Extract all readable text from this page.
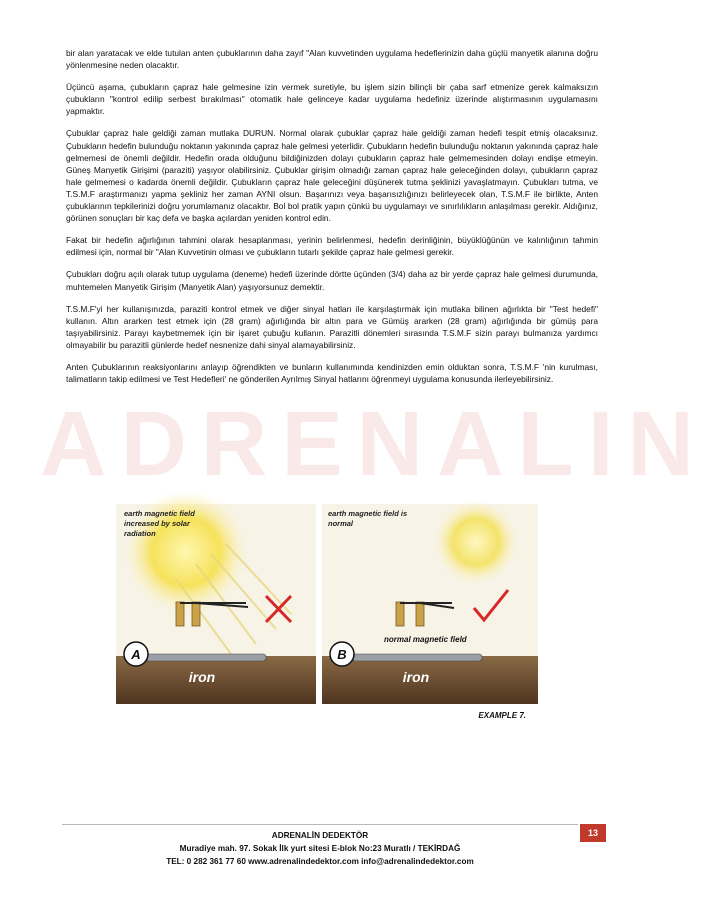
ADRENALIN

bir alan yaratacak ve elde tutulan anten çubuklarının daha zayıf "Alan kuvvetinden uygulama hedeflerinizin daha güçlü manyetik alanına doğru yönlenmesine neden olacaktır.

Üçüncü aşama, çubukların çapraz hale gelmesine izin vermek suretiyle, bu işlem sizin bilinçli bir çaba sarf etmenize gerek kalmaksızın çubukların "kontrol edilip serbest bırakılması" otomatik hale gelinceye kadar uygulama hedefiniz üzerinde alıştırmasının uygulamasını yapmaktır.

Çubuklar çapraz hale geldiği zaman mutlaka DURUN. Normal olarak çubuklar çapraz hale geldiği zaman hedefi tespit etmiş olacaksınız. Çubukların hedefin bulunduğu noktanın yakınında çapraz hale gelmesi yeterlidir. Çubukların hedefin bulunduğu noktanın yakınında çapraz hale gelmemesi de önemli değildir. Hedefin orada olduğunu bildiğinizden dolayı çubukların çapraz hale gelmemesinden dolayı endişe etmeyin. Güneş Manyetik Girişimi (paraziti) yaşıyor olabilirsiniz. Çubuklar girişim olmadığı zaman çapraz hale geleceğinden dolayı, çubukların çapraz hale gelmemesi o kadarda önemli değildir. Çubukların çapraz hale geleceğini düşünerek tutma şeklinizi yavaşlatmayın. Çubukları tutma, ve T.S.M.F araştırmanızı yapma şekliniz her zaman AYNI olsun. Başarınızı veya başarısızlığınızı belirleyecek olan, T.S.M.F ile birlikte, Anten çubuklarının tepkilerinizi doğru yorumlamanız olacaktır. Bol bol pratik yapın çünkü bu uygulamayı ve sınırlılıkların anlaşılması gerekir. Aldığınız, görünen sonuçları bir kaç defa ve başka açılardan yeniden kontrol edin.

Fakat bir hedefin ağırlığının tahmini olarak hesaplanması, yerinin belirlenmesi, hedefin derinliğinin, büyüklüğünün ve kalınlığının tahmin edilmesi için, normal bir "Alan Kuvvetinin olması ve çubukların tutarlı şekilde çapraz hale gelmesi gerekir.

Çubukları doğru açılı olarak tutup uygulama (deneme) hedefi üzerinde dörtte üçünden (3/4) daha az bir yerde çapraz hale gelmesi durumunda, muhtemelen Manyetik Girişim (Manyetik Alan) yaşıyorsunuz demektir.

T.S.M.F'yi her kullanışınızda, paraziti kontrol etmek ve diğer sinyal hatları ile karşılaştırmak için mutlaka bilinen ağırlıkta bir "Test hedefi" kullanın. Altın ararken test etmek için (28 gram) ağırlığında bir altın para ve Gümüş ararken (28 gram) ağırlığında bir gümüş para taşıyabilirsiniz. Parayı kaybetmemek için bir işaret çubuğu kullanın. Parazitli dönemleri sırasında T.S.M.F sizin parayı bulmanıza yardımcı olmayabilir bu parazitli günlerde hedef nesnenize dahi sinyal alamayabilirsiniz.

Anten Çubuklarının reaksiyonlarını anlayıp öğrendikten ve bunların kullanımında kendinizden emin olduktan sonra, T.S.M.F 'nin kurulması, talimatların takip edilmesi ve Test Hedefleri' ne gönderilen Ayrılmış Sinyal hatlarını öğrenmeyi uygulama konusunda ilerleyebilirsiniz.

earth magnetic field
increased by solar
radiation
A
iron
earth magnetic field is
normal
normal magnetic field
B
iron
EXAMPLE 7.
ADRENALİN DEDEKTÖR
Muradiye mah. 97. Sokak İlk yurt sitesi E-blok No:23 Muratlı / TEKİRDAĞ
TEL: 0 282 361 77 60 www.adrenalindedektor.com info@adrenalindedektor.com
13
